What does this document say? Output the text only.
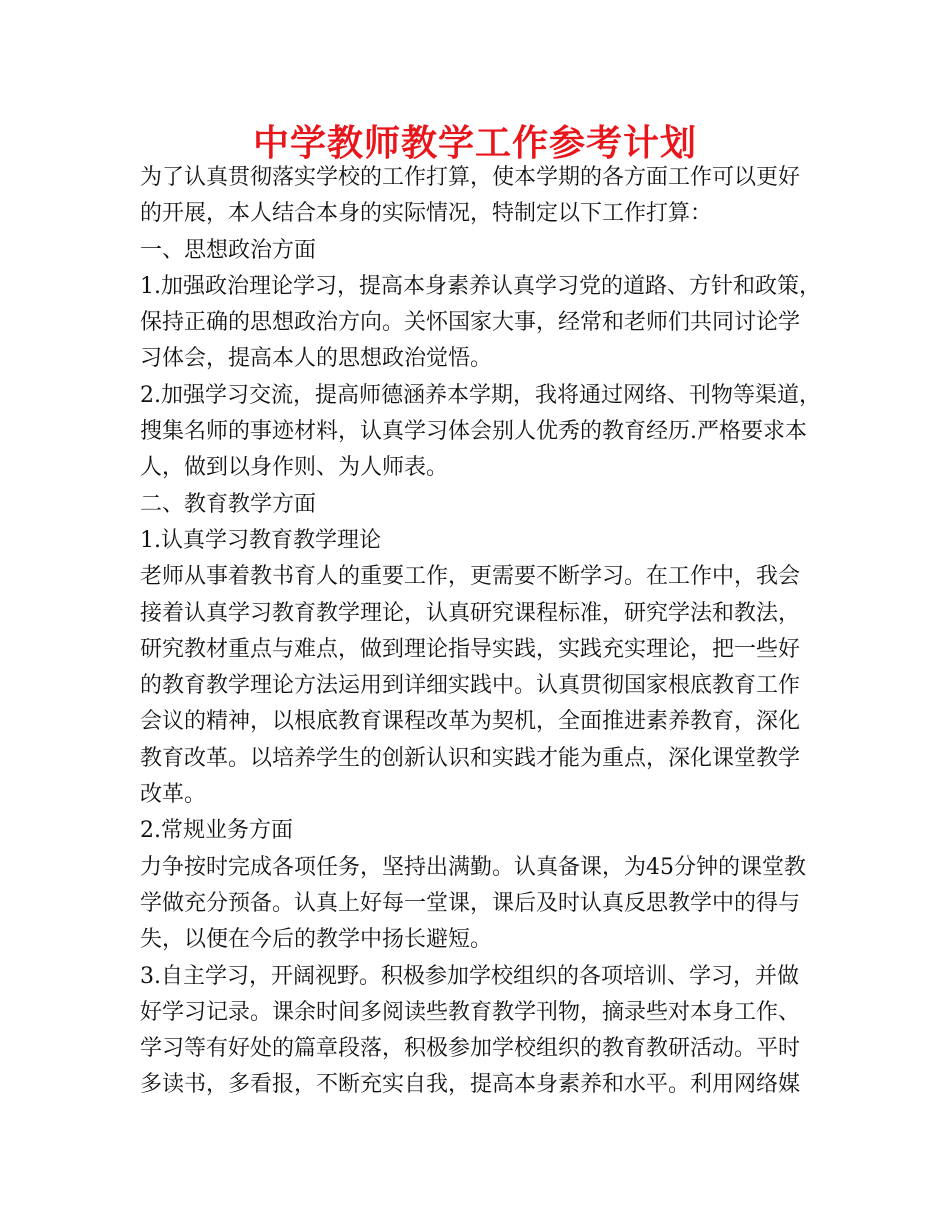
中学教师教学工作参考计划
为了认真贯彻落实学校的工作打算，使本学期的各方面工作可以更好
的开展，本人结合本身的实际情况，特制定以下工作打算：
一、思想政治方面
1.加强政治理论学习，提高本身素养认真学习党的道路、方针和政策，
保持正确的思想政治方向。关怀国家大事，经常和老师们共同讨论学
习体会，提高本人的思想政治觉悟。
2.加强学习交流，提高师德涵养本学期，我将通过网络、刊物等渠道，
搜集名师的事迹材料，认真学习体会别人优秀的教育经历.严格要求本
人，做到以身作则、为人师表。
二、教育教学方面
1.认真学习教育教学理论
老师从事着教书育人的重要工作，更需要不断学习。在工作中，我会
接着认真学习教育教学理论，认真研究课程标准，研究学法和教法，
研究教材重点与难点，做到理论指导实践，实践充实理论，把一些好
的教育教学理论方法运用到详细实践中。认真贯彻国家根底教育工作
会议的精神，以根底教育课程改革为契机，全面推进素养教育，深化
教育改革。以培养学生的创新认识和实践才能为重点，深化课堂教学
改革。
2.常规业务方面
力争按时完成各项任务，坚持出满勤。认真备课，为45分钟的课堂教
学做充分预备。认真上好每一堂课，课后及时认真反思教学中的得与
失，以便在今后的教学中扬长避短。
3.自主学习，开阔视野。积极参加学校组织的各项培训、学习，并做
好学习记录。课余时间多阅读些教育教学刊物，摘录些对本身工作、
学习等有好处的篇章段落，积极参加学校组织的教育教研活动。平时
多读书，多看报，不断充实自我，提高本身素养和水平。利用网络媒
